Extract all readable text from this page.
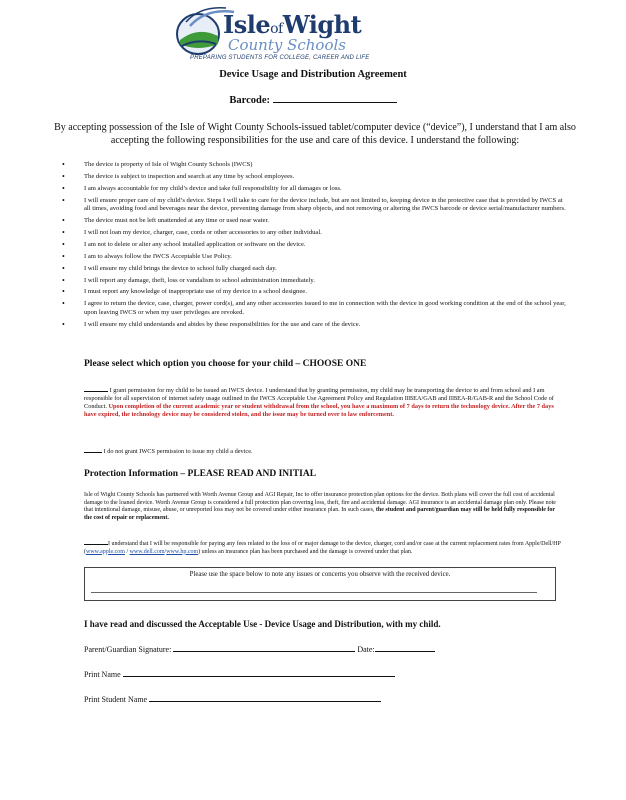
IsleofWight
County Schools
PREPARING STUDENTS FOR COLLEGE, CAREER AND LIFE
Device Usage and Distribution Agreement
Barcode:
By accepting possession of the Isle of Wight County Schools-issued tablet/computer device (“device”), I understand that I am also accepting the following responsibilities for the use and care of this device. I understand the following:
• The device is property of Isle of Wight County Schools (IWCS)
• The device is subject to inspection and search at any time by school employees.
• I am always accountable for my child’s device and take full responsibility for all damages or loss.
• I will ensure proper care of my child’s device. Steps I will take to care for the device include, but are not limited to, keeping device in the protective case that is provided by IWCS at all times, avoiding food and beverages near the device, preventing damage from sharp objects, and not removing or altering the IWCS barcode or device serial/manufacturer numbers.
• The device must not be left unattended at any time or used near water.
• I will not loan my device, charger, case, cords or other accessories to any other individual.
• I am not to delete or alter any school installed application or software on the device.
• I am to always follow the IWCS Acceptable Use Policy.
• I will ensure my child brings the device to school fully charged each day.
• I will report any damage, theft, loss or vandalism to school administration immediately.
• I must report any knowledge of inappropriate use of my device to a school designee.
• I agree to return the device, case, charger, power cord(s), and any other accessories issued to me in connection with the device in good working condition at the end of the school year, upon leaving IWCS or when my user privileges are revoked.
• I will ensure my child understands and abides by these responsibilities for the use and care of the device.
Please select which option you choose for your child – CHOOSE ONE
I grant permission for my child to be issued an IWCS device. I understand that by granting permission, my child may be transporting the device to and from school and I am responsible for all supervision of internet safety usage outlined in the IWCS Acceptable Use Agreement Policy and Regulation IIBEA/GAB and IIBEA-R/GAB-R and the School Code of Conduct. Upon completion of the current academic year or student withdrawal from the school, you have a maximum of 7 days to return the technology device. After the 7 days have expired, the technology device may be considered stolen, and the issue may be turned over to law enforcement.
I do not grant IWCS permission to issue my child a device.
Protection Information – PLEASE READ AND INITIAL
Isle of Wight County Schools has partnered with Worth Avenue Group and AGI Repair, Inc to offer insurance protection plan options for the device. Both plans will cover the full cost of accidental damage to the loaned device. Worth Avenue Group is considered a full protection plan covering loss, theft, fire and accidental damage. AGI insurance is an accidental damage plan only. Please note that intentional damage, misuse, abuse, or unreported loss may not be covered under either insurance plan. In such cases, the student and parent/guardian may still be held fully responsible for the cost of repair or replacement.
I understand that I will be responsible for paying any fees related to the loss of or major damage to the device, charger, cord and/or case at the current replacement rates from Apple/Dell/HP (www.apple.com / www.dell.com/www.hp.com) unless an insurance plan has been purchased and the damage is covered under that plan.
Please use the space below to note any issues or concerns you observe with the received device.
I have read and discussed the Acceptable Use - Device Usage and Distribution, with my child.
Parent/Guardian Signature:	Date:
Print Name
Print Student Name
